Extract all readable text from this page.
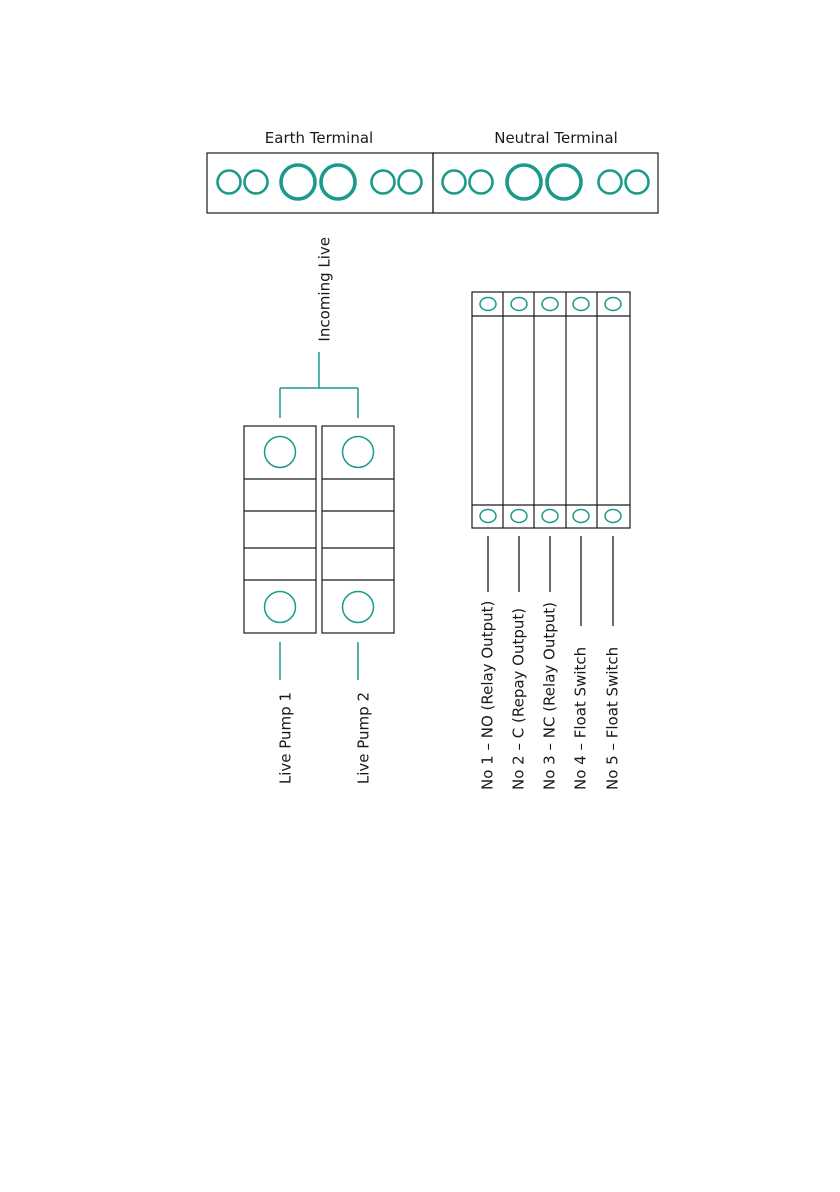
Earth Terminal	Neutral Terminal
Incoming Live
Live Pump 1	Live Pump 2	No 1 – NO (Relay Output) No 2 – C (Repay Output) No 3 – NC (Relay Output) No 4 – Float Switch No 5 – Float Switch
